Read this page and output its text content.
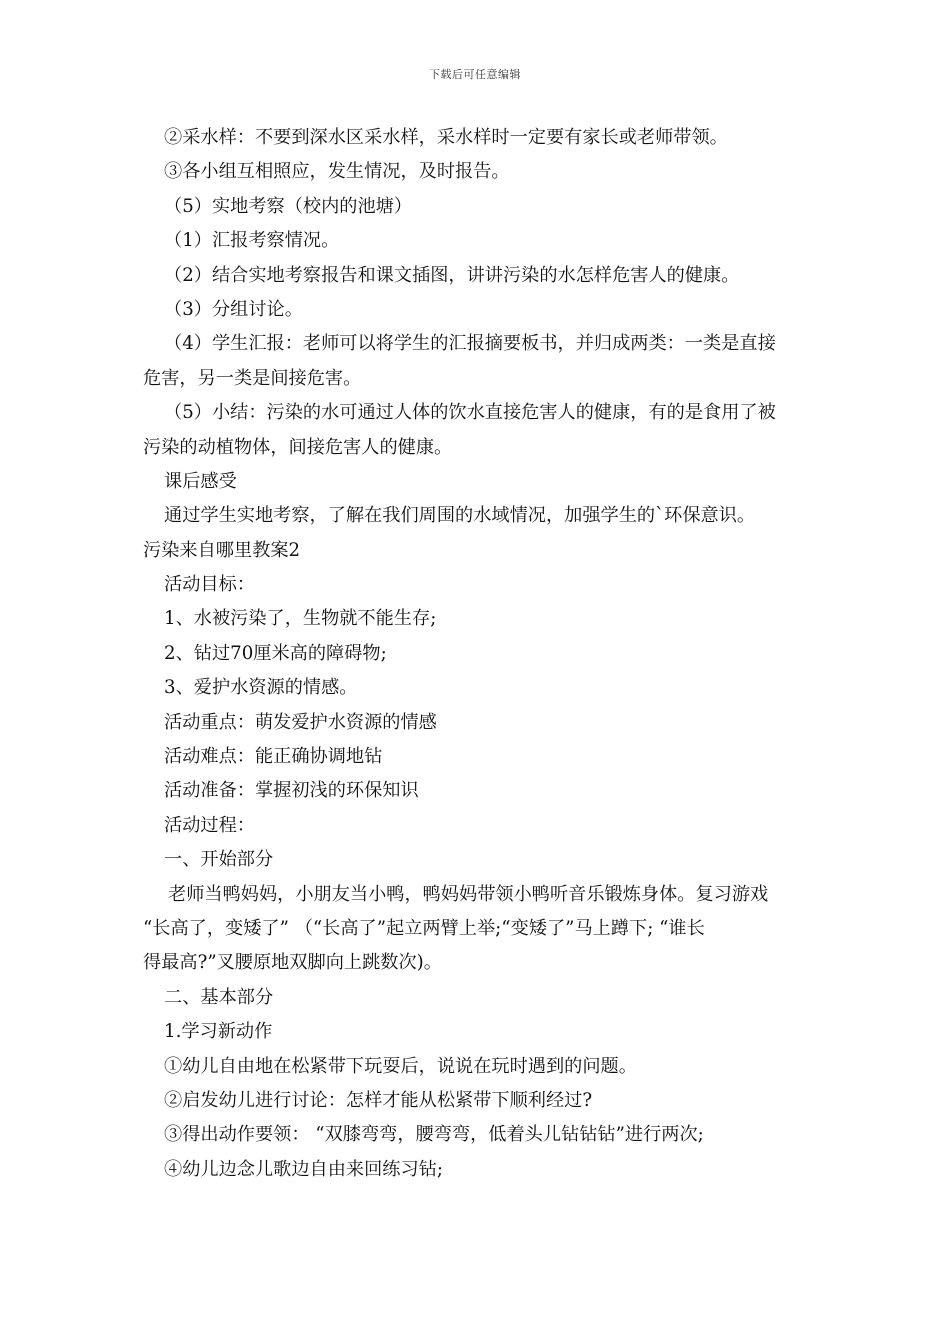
下载后可任意编辑
②采水样：不要到深水区采水样，采水样时一定要有家长或老师带领。
③各小组互相照应，发生情况，及时报告。
（5）实地考察（校内的池塘）
（1）汇报考察情况。
（2）结合实地考察报告和课文插图，讲讲污染的水怎样危害人的健康。
（3）分组讨论。
（4）学生汇报：老师可以将学生的汇报摘要板书，并归成两类：一类是直接
危害，另一类是间接危害。
（5）小结：污染的水可通过人体的饮水直接危害人的健康，有的是食用了被
污染的动植物体，间接危害人的健康。
课后感受
通过学生实地考察，了解在我们周围的水域情况，加强学生的`环保意识。
污染来自哪里教案2
活动目标：
1、水被污染了，生物就不能生存;
2、钻过70厘米高的障碍物;
3、爱护水资源的情感。
活动重点：萌发爱护水资源的情感
活动难点：能正确协调地钻
活动准备：掌握初浅的环保知识
活动过程：
一、开始部分
老师当鸭妈妈，小朋友当小鸭，鸭妈妈带领小鸭听音乐锻炼身体。复习游戏
“长高了，变矮了” （“长高了”起立两臂上举;“变矮了”马上蹲下; “谁长
得最高?”叉腰原地双脚向上跳数次)。
二、基本部分
1.学习新动作
①幼儿自由地在松紧带下玩耍后，说说在玩时遇到的问题。
②启发幼儿进行讨论：怎样才能从松紧带下顺利经过?
③得出动作要领： “双膝弯弯，腰弯弯，低着头儿钻钻钻”进行两次;
④幼儿边念儿歌边自由来回练习钻;
